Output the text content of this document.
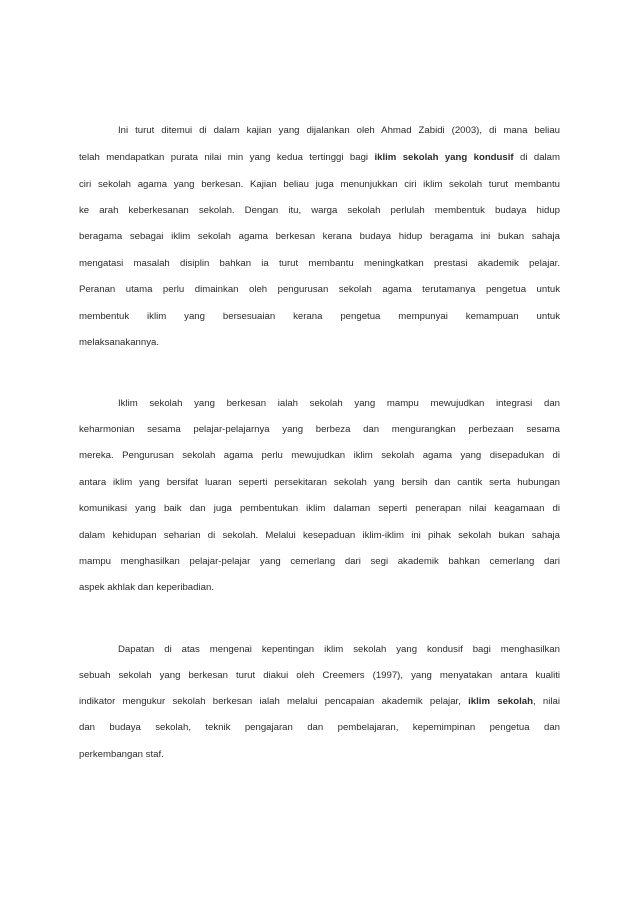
Ini turut ditemui di dalam kajian yang dijalankan oleh Ahmad Zabidi (2003), di mana beliau
telah mendapatkan purata nilai min yang kedua tertinggi bagi iklim sekolah yang kondusif di dalam
ciri sekolah agama yang berkesan. Kajian beliau juga menunjukkan ciri iklim sekolah turut membantu
ke arah keberkesanan sekolah. Dengan itu, warga sekolah perlulah membentuk budaya hidup
beragama sebagai iklim sekolah agama berkesan kerana budaya hidup beragama ini bukan sahaja
mengatasi masalah disiplin bahkan ia turut membantu meningkatkan prestasi akademik pelajar.
Peranan utama perlu dimainkan oleh pengurusan sekolah agama terutamanya pengetua untuk
membentuk iklim yang bersesuaian kerana pengetua mempunyai kemampuan untuk
melaksanakannya.
Iklim sekolah yang berkesan ialah sekolah yang mampu mewujudkan integrasi dan
keharmonian sesama pelajar-pelajarnya yang berbeza dan mengurangkan perbezaan sesama
mereka. Pengurusan sekolah agama perlu mewujudkan iklim sekolah agama yang disepadukan di
antara iklim yang bersifat luaran seperti persekitaran sekolah yang bersih dan cantik serta hubungan
komunikasi yang baik dan juga pembentukan iklim dalaman seperti penerapan nilai keagamaan di
dalam kehidupan seharian di sekolah. Melalui kesepaduan iklim-iklim ini pihak sekolah bukan sahaja
mampu menghasilkan pelajar-pelajar yang cemerlang dari segi akademik bahkan cemerlang dari
aspek akhlak dan keperibadian.
Dapatan di atas mengenai kepentingan iklim sekolah yang kondusif bagi menghasilkan
sebuah sekolah yang berkesan turut diakui oleh Creemers (1997), yang menyatakan antara kualiti
indikator mengukur sekolah berkesan ialah melalui pencapaian akademik pelajar, iklim sekolah, nilai
dan budaya sekolah, teknik pengajaran dan pembelajaran, kepemimpinan pengetua dan
perkembangan staf.
